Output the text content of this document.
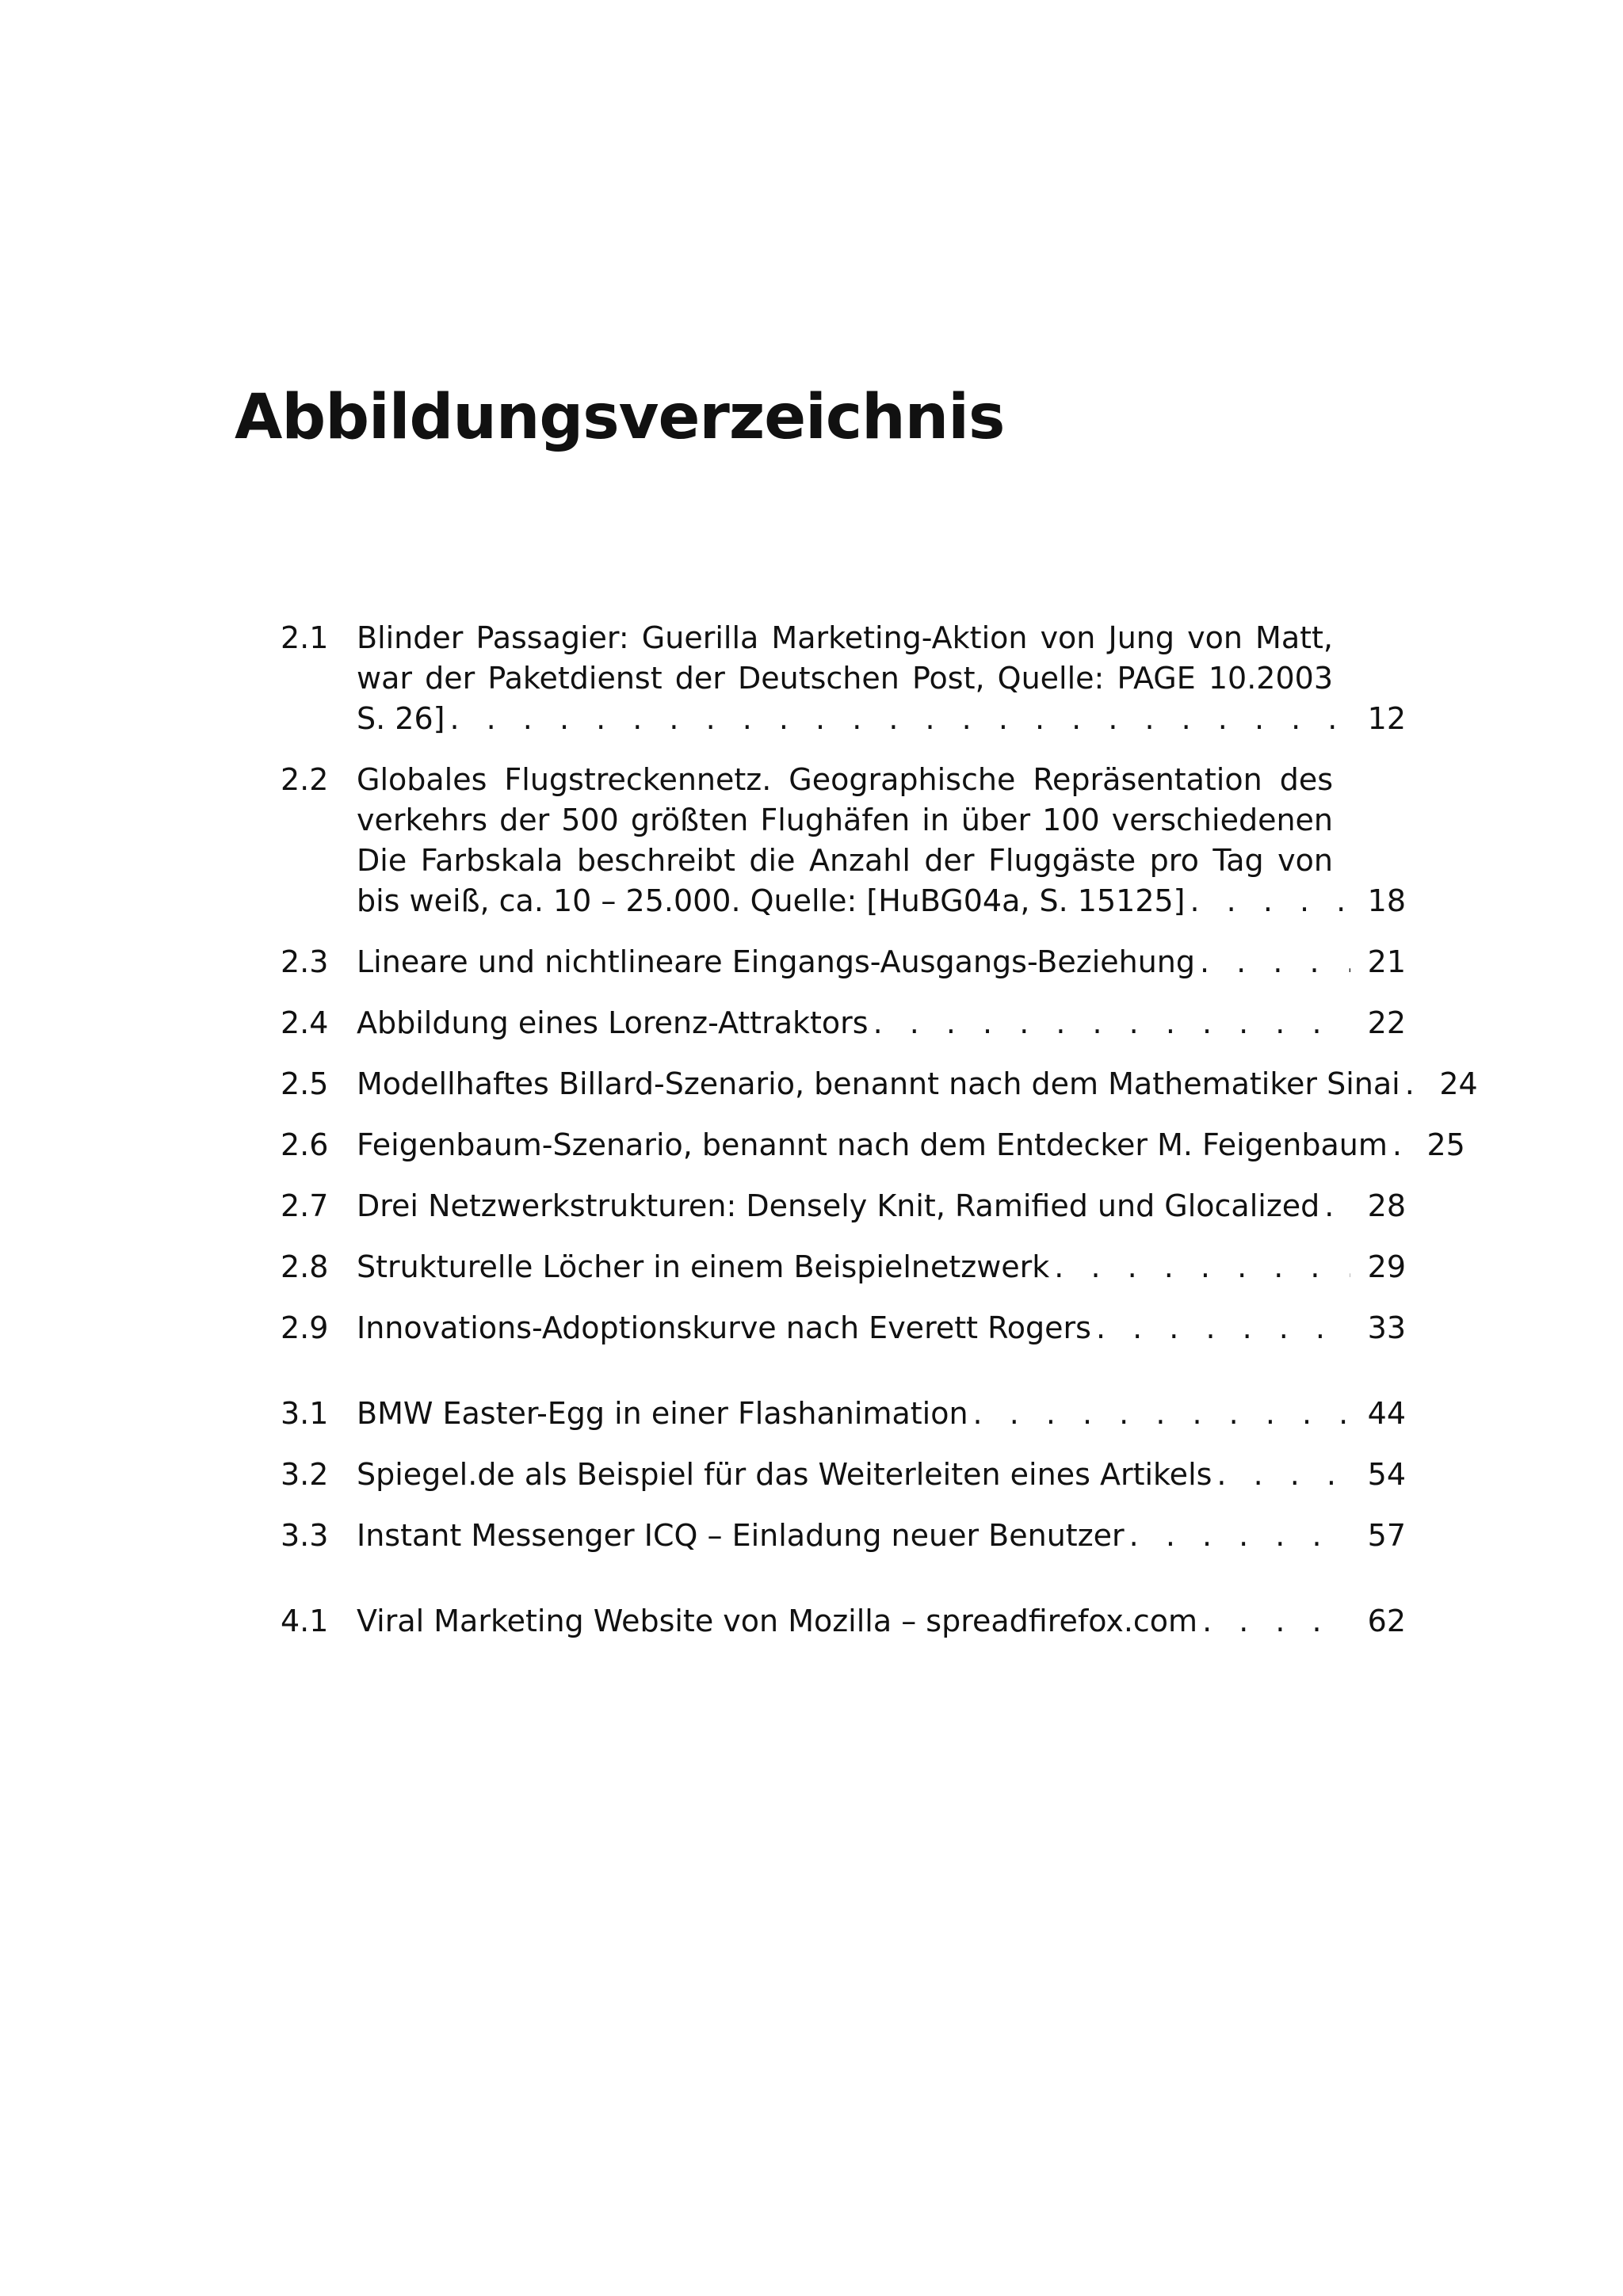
Abbildungsverzeichnis
2.1 Blinder Passagier: Guerilla Marketing-Aktion von Jung von Matt,
war der Paketdienst der Deutschen Post, Quelle: PAGE 10.2003
S. 26] . . .	12
2.2 Globales Flugstreckennetz. Geographische Repräsentation des
verkehrs der 500 größten Flughäfen in über 100 verschiedenen
Die Farbskala beschreibt die Anzahl der Fluggäste pro Tag von
bis weiß, ca. 10 – 25.000. Quelle: [HuBG04a, S. 15125] . . .	18
2.3 Lineare und nichtlineare Eingangs-Ausgangs-Beziehung . . .	21
2.4 Abbildung eines Lorenz-Attraktors . . .	22
2.5 Modellhaftes Billard-Szenario, benannt nach dem Mathematiker Sinai . . .	24
2.6 Feigenbaum-Szenario, benannt nach dem Entdecker M. Feigenbaum . . .	25
2.7 Drei Netzwerkstrukturen: Densely Knit, Ramified und Glocalized . . .	28
2.8 Strukturelle Löcher in einem Beispielnetzwerk . . .	29
2.9 Innovations-Adoptionskurve nach Everett Rogers . . .	33
3.1 BMW Easter-Egg in einer Flashanimation . . .	44
3.2 Spiegel.de als Beispiel für das Weiterleiten eines Artikels . . .	54
3.3 Instant Messenger ICQ – Einladung neuer Benutzer . . .	57
4.1 Viral Marketing Website von Mozilla – spreadfirefox.com . . .	62
